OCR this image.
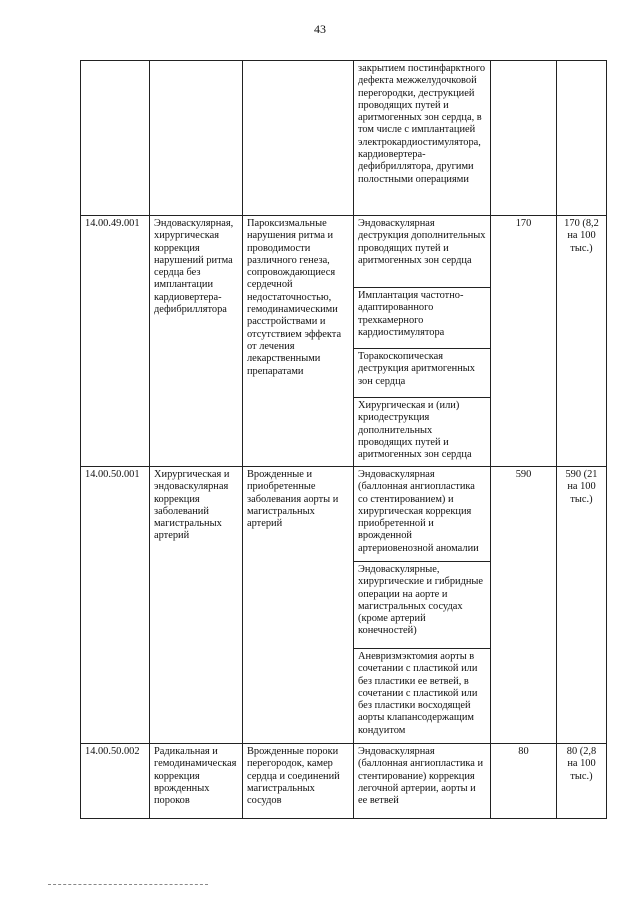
43
			закрытием постинфарктного дефекта межжелудочковой перегородки, деструкцией проводящих путей и аритмогенных зон сердца, в том числе с имплантацией электрокардиостимулятора, кардиовертера-дефибриллятора, другими полостными операциями		
14.00.49.001	Эндоваскулярная, хирургическая коррекция нарушений ритма сердца без имплантации кардиовертера-дефибриллятора	Пароксизмальные нарушения ритма и проводимости различного генеза, сопровождающиеся сердечной недостаточностью, гемодинамическими расстройствами и отсутствием эффекта от лечения лекарственными препаратами	Эндоваскулярная деструкция дополнительных проводящих путей и аритмогенных зон сердца	170	170 (8,2 на 100 тыс.)
			Имплантация частотно-адаптированного трехкамерного кардиостимулятора		
			Торакоскопическая деструкция аритмогенных зон сердца		
			Хирургическая и (или) криодеструкция дополнительных проводящих путей и аритмогенных зон сердца		
14.00.50.001	Хирургическая и эндоваскулярная коррекция заболеваний магистральных артерий	Врожденные и приобретенные заболевания аорты и магистральных артерий	Эндоваскулярная (баллонная ангиопластика со стентированием) и хирургическая коррекция приобретенной и врожденной артериовенозной аномалии	590	590 (21 на 100 тыс.)
			Эндоваскулярные, хирургические и гибридные операции на аорте и магистральных сосудах (кроме артерий конечностей)		
			Аневризмэктомия аорты в сочетании с пластикой или без пластики ее ветвей, в сочетании с пластикой или без пластики восходящей аорты клапансодержащим кондуитом		
14.00.50.002	Радикальная и гемодинамическая коррекция врожденных пороков	Врожденные пороки перегородок, камер сердца и соединений магистральных сосудов	Эндоваскулярная (баллонная ангиопластика и стентирование) коррекция легочной артерии, аорты и ее ветвей	80	80 (2,8 на 100 тыс.)
